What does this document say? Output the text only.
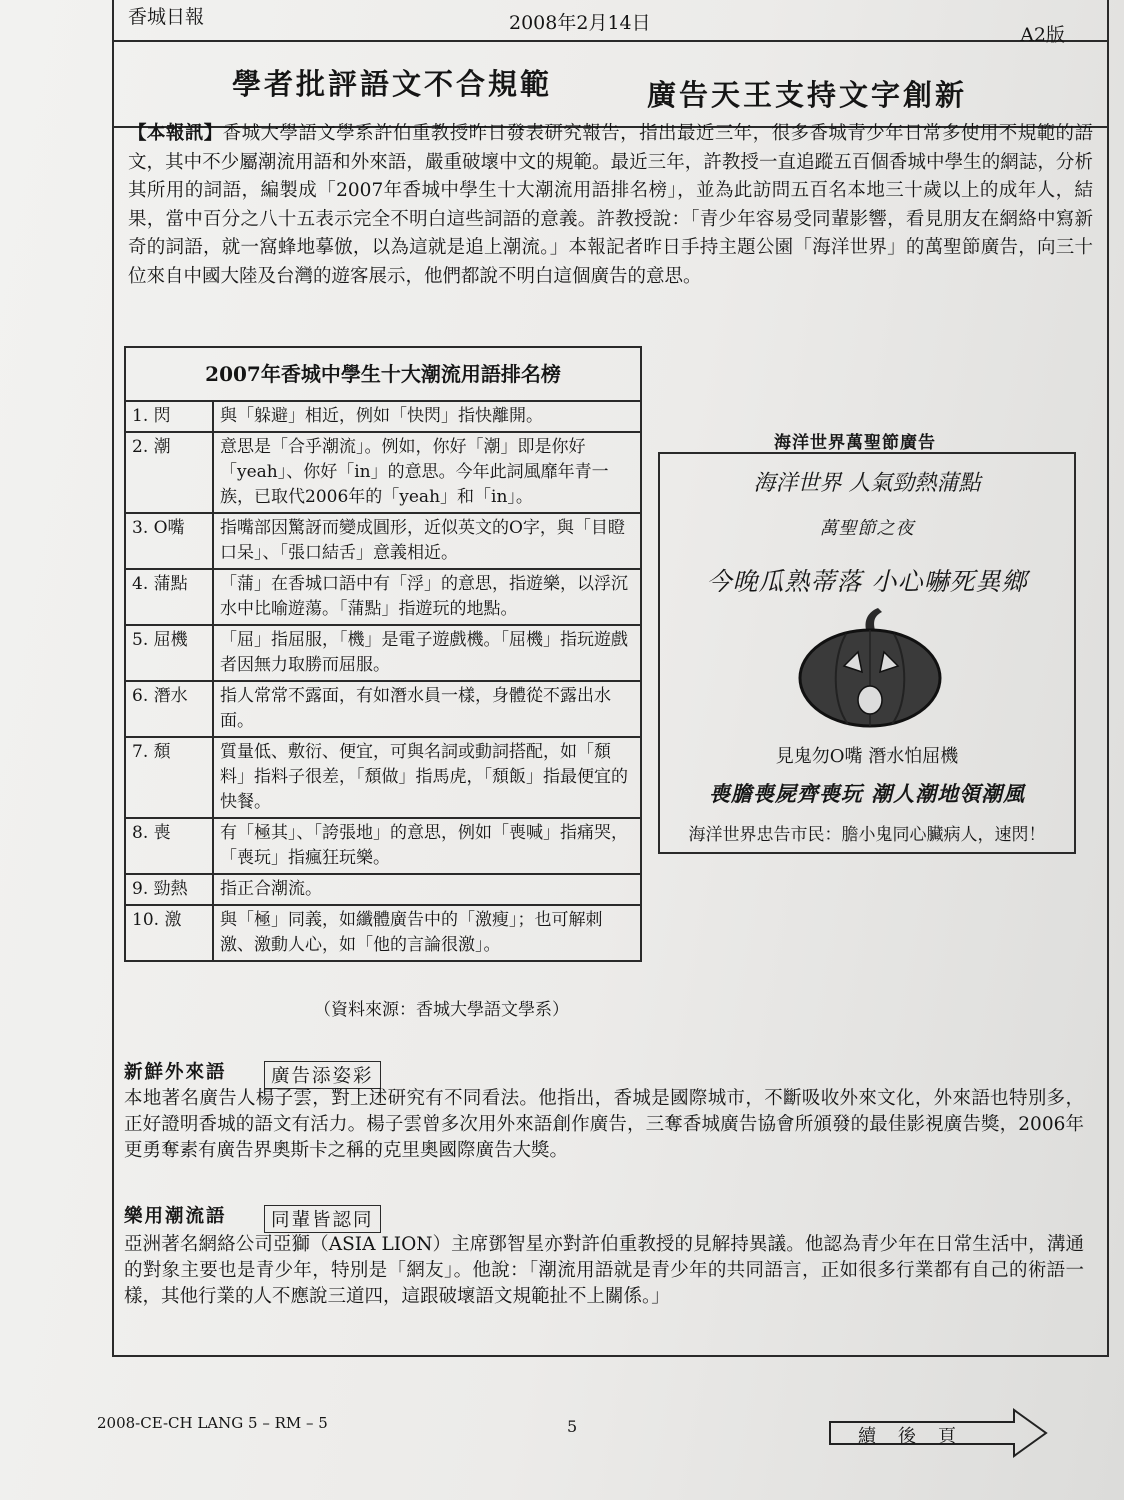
香城日報	2008年2月14日
A2版
學者批評語文不合規範	廣告天王支持文字創新
【本報訊】香城大學語文學系許伯重教授昨日發表研究報告，指出最近三年，很多香城青少年日常多使用不規範的語文，其中不少屬潮流用語和外來語，嚴重破壞中文的規範。最近三年，許教授一直追蹤五百個香城中學生的網誌，分析其所用的詞語，編製成「2007年香城中學生十大潮流用語排名榜」，並為此訪問五百名本地三十歲以上的成年人，結果，當中百分之八十五表示完全不明白這些詞語的意義。許教授說：「青少年容易受同輩影響，看見朋友在網絡中寫新奇的詞語，就一窩蜂地摹倣，以為這就是追上潮流。」本報記者昨日手持主題公園「海洋世界」的萬聖節廣告，向三十位來自中國大陸及台灣的遊客展示，他們都說不明白這個廣告的意思。
2007年香城中學生十大潮流用語排名榜	
1. 閃	與「躲避」相近，例如「快閃」指快離開。
2. 潮	意思是「合乎潮流」。例如，你好「潮」即是你好「yeah」、你好「in」的意思。今年此詞風靡年青一族，已取代2006年的「yeah」和「in」。
3. O嘴	指嘴部因驚訝而變成圓形，近似英文的O字，與「目瞪口呆」、「張口結舌」意義相近。
4. 蒲點	「蒲」在香城口語中有「浮」的意思，指遊樂，以浮沉水中比喻遊蕩。「蒲點」指遊玩的地點。
5. 屈機	「屈」指屈服，「機」是電子遊戲機。「屈機」指玩遊戲者因無力取勝而屈服。
6. 潛水	指人常常不露面，有如潛水員一樣，身體從不露出水面。
7. 頹	質量低、敷衍、便宜，可與名詞或動詞搭配，如「頹料」指料子很差，「頹做」指馬虎，「頹飯」指最便宜的快餐。
8. 喪	有「極其」、「誇張地」的意思，例如「喪喊」指痛哭，「喪玩」指瘋狂玩樂。
9. 勁熱	指正合潮流。
10. 激	與「極」同義，如纖體廣告中的「激瘦」；也可解刺激、激動人心，如「他的言論很激」。
（資料來源：香城大學語文學系）
海洋世界萬聖節廣告
海洋世界 人氣勁熱蒲點
萬聖節之夜
今晚瓜熟蒂落 小心嚇死異鄉
見鬼勿O嘴 潛水怕屈機
喪膽喪屍齊喪玩 潮人潮地領潮風
海洋世界忠告市民：膽小鬼同心臟病人，速閃！
新鮮外來語	廣告添姿彩
本地著名廣告人楊子雲，對上述研究有不同看法。他指出，香城是國際城市，不斷吸收外來文化，外來語也特別多，正好證明香城的語文有活力。楊子雲曾多次用外來語創作廣告，三奪香城廣告協會所頒發的最佳影視廣告獎，2006年更勇奪素有廣告界奧斯卡之稱的克里奧國際廣告大獎。
樂用潮流語	同輩皆認同
亞洲著名網絡公司亞獅（ASIA LION）主席鄧智星亦對許伯重教授的見解持異議。他認為青少年在日常生活中，溝通的對象主要也是青少年，特別是「網友」。他說：「潮流用語就是青少年的共同語言，正如很多行業都有自己的術語一樣，其他行業的人不應說三道四，這跟破壞語文規範扯不上關係。」
2008-CE-CH LANG 5 – RM – 5	5	續後頁
